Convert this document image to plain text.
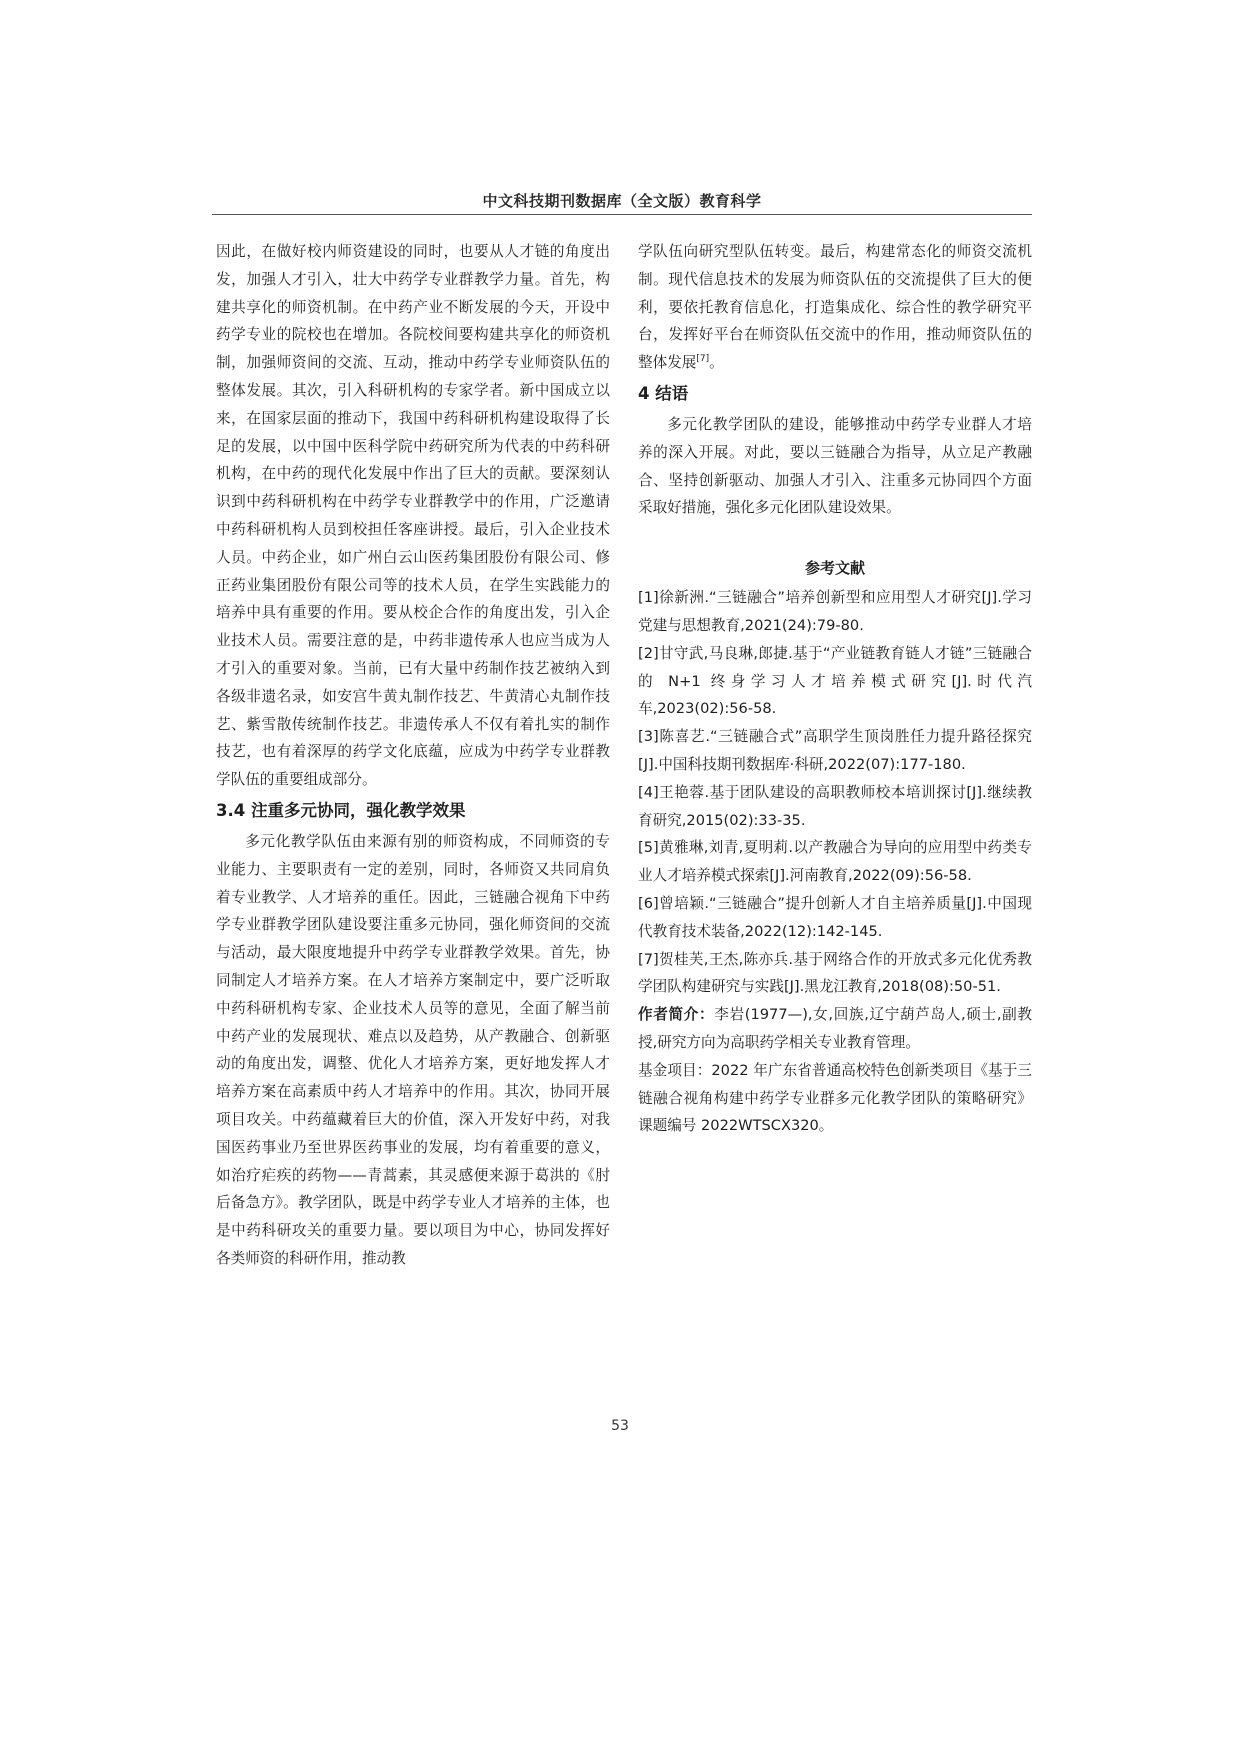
中文科技期刊数据库（全文版）教育科学

因此，在做好校内师资建设的同时，也要从人才链的角度出发，加强人才引入，壮大中药学专业群教学力量。首先，构建共享化的师资机制。在中药产业不断发展的今天，开设中药学专业的院校也在增加。各院校间要构建共享化的师资机制，加强师资间的交流、互动，推动中药学专业师资队伍的整体发展。其次，引入科研机构的专家学者。新中国成立以来，在国家层面的推动下，我国中药科研机构建设取得了长足的发展，以中国中医科学院中药研究所为代表的中药科研机构，在中药的现代化发展中作出了巨大的贡献。要深刻认识到中药科研机构在中药学专业群教学中的作用，广泛邀请中药科研机构人员到校担任客座讲授。最后，引入企业技术人员。中药企业，如广州白云山医药集团股份有限公司、修正药业集团股份有限公司等的技术人员，在学生实践能力的培养中具有重要的作用。要从校企合作的角度出发，引入企业技术人员。需要注意的是，中药非遗传承人也应当成为人才引入的重要对象。当前，已有大量中药制作技艺被纳入到各级非遗名录，如安宫牛黄丸制作技艺、牛黄清心丸制作技艺、紫雪散传统制作技艺。非遗传承人不仅有着扎实的制作技艺，也有着深厚的药学文化底蕴，应成为中药学专业群教学队伍的重要组成部分。

3.4 注重多元协同，强化教学效果

多元化教学队伍由来源有别的师资构成，不同师资的专业能力、主要职责有一定的差别，同时，各师资又共同肩负着专业教学、人才培养的重任。因此，三链融合视角下中药学专业群教学团队建设要注重多元协同，强化师资间的交流与活动，最大限度地提升中药学专业群教学效果。首先，协同制定人才培养方案。在人才培养方案制定中，要广泛听取中药科研机构专家、企业技术人员等的意见，全面了解当前中药产业的发展现状、难点以及趋势，从产教融合、创新驱动的角度出发，调整、优化人才培养方案，更好地发挥人才培养方案在高素质中药人才培养中的作用。其次，协同开展项目攻关。中药蕴藏着巨大的价值，深入开发好中药，对我国医药事业乃至世界医药事业的发展，均有着重要的意义，如治疗疟疾的药物——青蒿素，其灵感便来源于葛洪的《肘后备急方》。教学团队，既是中药学专业人才培养的主体，也是中药科研攻关的重要力量。要以项目为中心，协同发挥好各类师资的科研作用，推动教

学队伍向研究型队伍转变。最后，构建常态化的师资交流机制。现代信息技术的发展为师资队伍的交流提供了巨大的便利，要依托教育信息化，打造集成化、综合性的教学研究平台，发挥好平台在师资队伍交流中的作用，推动师资队伍的整体发展[7]。

4 结语

多元化教学团队的建设，能够推动中药学专业群人才培养的深入开展。对此，要以三链融合为指导，从立足产教融合、坚持创新驱动、加强人才引入、注重多元协同四个方面采取好措施，强化多元化团队建设效果。

参考文献

[1]徐新洲.“三链融合”培养创新型和应用型人才研究[J].学习党建与思想教育,2021(24):79-80.

[2]甘守武,马良琳,郎捷.基于“产业链教育链人才链”三链融合的 N+1 终身学习人才培养模式研究[J].时代汽车,2023(02):56-58.

[3]陈喜艺.“三链融合式”高职学生顶岗胜任力提升路径探究[J].中国科技期刊数据库·科研,2022(07):177-180.

[4]王艳蓉.基于团队建设的高职教师校本培训探讨[J].继续教育研究,2015(02):33-35.

[5]黄雅琳,刘青,夏明莉.以产教融合为导向的应用型中药类专业人才培养模式探索[J].河南教育,2022(09):56-58.

[6]曾培颖.“三链融合”提升创新人才自主培养质量[J].中国现代教育技术装备,2022(12):142-145.

[7]贺桂芙,王杰,陈亦兵.基于网络合作的开放式多元化优秀教学团队构建研究与实践[J].黑龙江教育,2018(08):50-51.

作者简介：李岩(1977—),女,回族,辽宁葫芦岛人,硕士,副教授,研究方向为高职药学相关专业教育管理。

基金项目：2022 年广东省普通高校特色创新类项目《基于三链融合视角构建中药学专业群多元化教学团队的策略研究》 课题编号 2022WTSCX320。

53
